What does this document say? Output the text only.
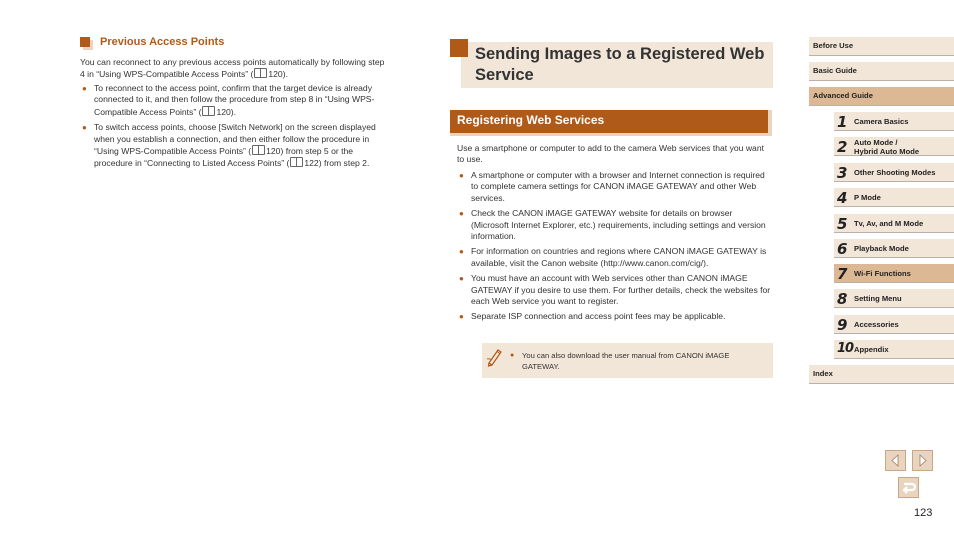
Previous Access Points
You can reconnect to any previous access points automatically by following step 4 in “Using WPS-Compatible Access Points” ( 120).
● To reconnect to the access point, confirm that the target device is already connected to it, and then follow the procedure from step 8 in “Using WPS-Compatible Access Points” ( 120).
● To switch access points, choose [Switch Network] on the screen displayed when you establish a connection, and then either follow the procedure in “Using WPS-Compatible Access Points” ( 120) from step 5 or the procedure in “Connecting to Listed Access Points” ( 122) from step 2.
Sending Images to a Registered Web Service
Registering Web Services
Use a smartphone or computer to add to the camera Web services that you want to use.
● A smartphone or computer with a browser and Internet connection is required to complete camera settings for CANON iMAGE GATEWAY and other Web services.
● Check the CANON iMAGE GATEWAY website for details on browser (Microsoft Internet Explorer, etc.) requirements, including settings and version information.
● For information on countries and regions where CANON iMAGE GATEWAY is available, visit the Canon website (http://www.canon.com/cig/).
● You must have an account with Web services other than CANON iMAGE GATEWAY if you desire to use them. For further details, check the websites for each Web service you want to register.
● Separate ISP connection and access point fees may be applicable.
● You can also download the user manual from CANON iMAGE GATEWAY.
Before Use
Basic Guide
Advanced Guide
1 Camera Basics
2 Auto Mode /
Hybrid Auto Mode
3 Other Shooting Modes
4 P Mode
5 Tv, Av, and M Mode
6 Playback Mode
7 Wi-Fi Functions
8 Setting Menu
9 Accessories
10 Appendix
Index
123
